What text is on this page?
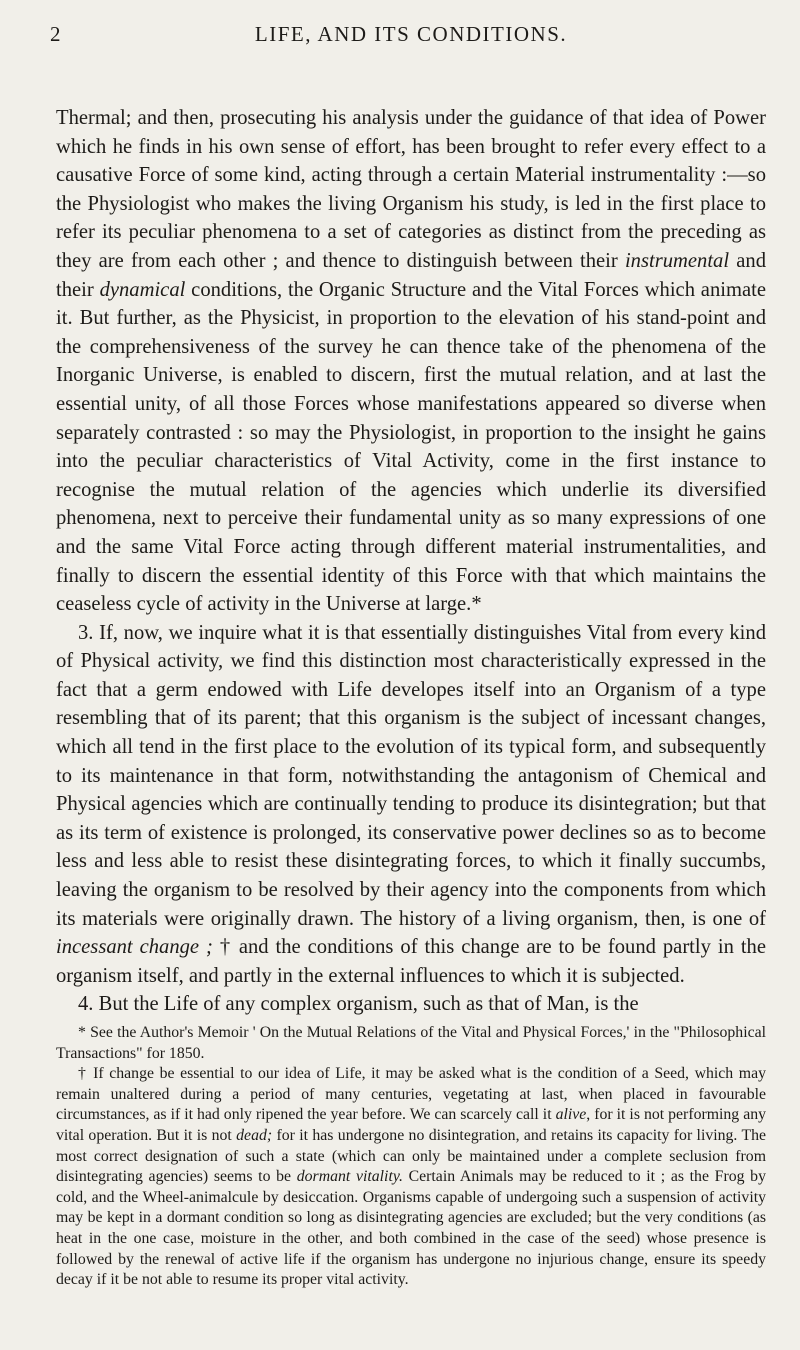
2	LIFE, AND ITS CONDITIONS.

Thermal; and then, prosecuting his analysis under the guidance of that idea of Power which he finds in his own sense of effort, has been brought to refer every effect to a causative Force of some kind, acting through a certain Material instrumentality :—so the Physiologist who makes the living Organism his study, is led in the first place to refer its peculiar phenomena to a set of categories as distinct from the preceding as they are from each other ; and thence to distinguish between their instrumental and their dynamical conditions, the Organic Structure and the Vital Forces which animate it. But further, as the Physicist, in proportion to the elevation of his stand-point and the comprehensiveness of the survey he can thence take of the phenomena of the Inorganic Universe, is enabled to discern, first the mutual relation, and at last the essential unity, of all those Forces whose manifestations appeared so diverse when separately contrasted : so may the Physiologist, in proportion to the insight he gains into the peculiar characteristics of Vital Activity, come in the first instance to recognise the mutual relation of the agencies which underlie its diversified phenomena, next to perceive their fundamental unity as so many expressions of one and the same Vital Force acting through different material instrumentalities, and finally to discern the essential identity of this Force with that which maintains the ceaseless cycle of activity in the Universe at large.*

3. If, now, we inquire what it is that essentially distinguishes Vital from every kind of Physical activity, we find this distinction most characteristically expressed in the fact that a germ endowed with Life developes itself into an Organism of a type resembling that of its parent; that this organism is the subject of incessant changes, which all tend in the first place to the evolution of its typical form, and subsequently to its maintenance in that form, notwithstanding the antagonism of Chemical and Physical agencies which are continually tending to produce its disintegration; but that as its term of existence is prolonged, its conservative power declines so as to become less and less able to resist these disintegrating forces, to which it finally succumbs, leaving the organism to be resolved by their agency into the components from which its materials were originally drawn. The history of a living organism, then, is one of incessant change ; † and the conditions of this change are to be found partly in the organism itself, and partly in the external influences to which it is subjected.

4. But the Life of any complex organism, such as that of Man, is the

* See the Author's Memoir ' On the Mutual Relations of the Vital and Physical Forces,' in the "Philosophical Transactions" for 1850.

† If change be essential to our idea of Life, it may be asked what is the condition of a Seed, which may remain unaltered during a period of many centuries, vegetating at last, when placed in favourable circumstances, as if it had only ripened the year before. We can scarcely call it alive, for it is not performing any vital operation. But it is not dead; for it has undergone no disintegration, and retains its capacity for living. The most correct designation of such a state (which can only be maintained under a complete seclusion from disintegrating agencies) seems to be dormant vitality. Certain Animals may be reduced to it ; as the Frog by cold, and the Wheel-animalcule by desiccation. Organisms capable of undergoing such a suspension of activity may be kept in a dormant condition so long as disintegrating agencies are excluded; but the very conditions (as heat in the one case, moisture in the other, and both combined in the case of the seed) whose presence is followed by the renewal of active life if the organism has undergone no injurious change, ensure its speedy decay if it be not able to resume its proper vital activity.
